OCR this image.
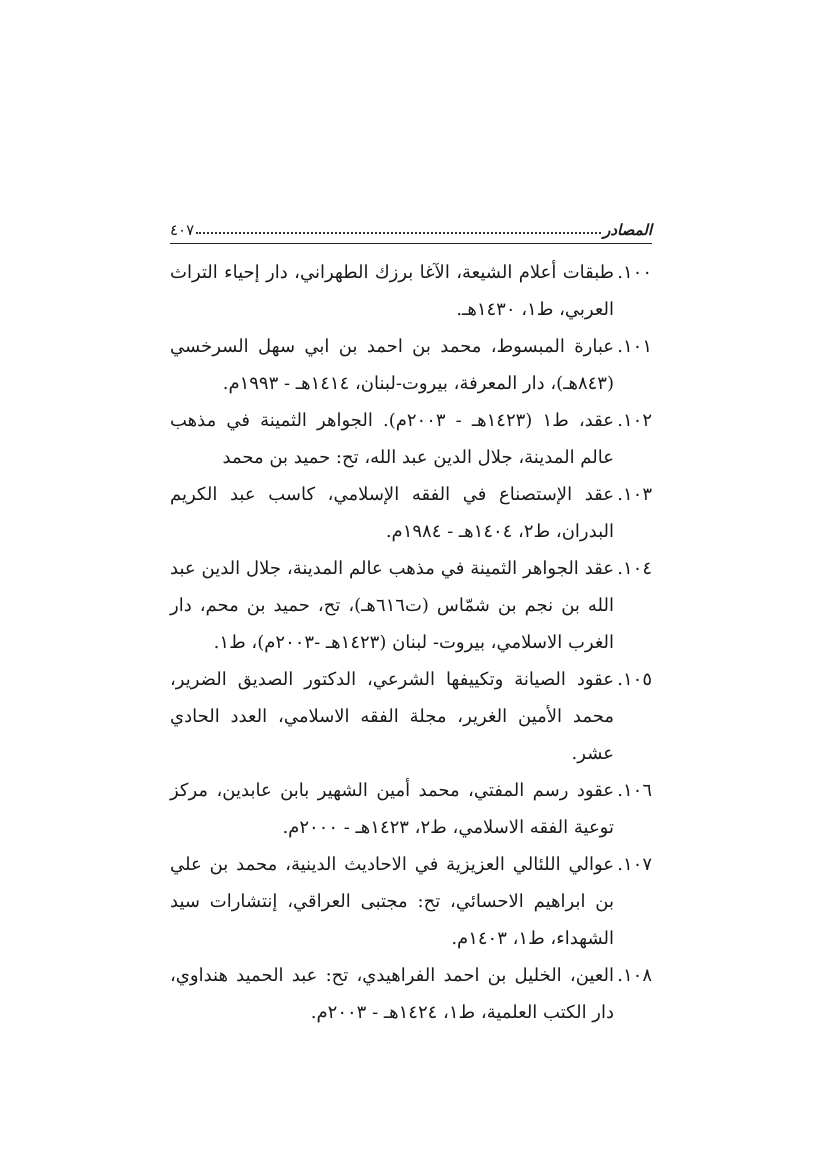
المصادر
٤٠٧
١٠٠.
طبقات أعلام الشيعة، الآغا برزك الطهراني، دار إحياء التراث العربي، ط١، ١٤٣٠هـ.
١٠١.
عبارة المبسوط، محمد بن احمد بن ابي سهل السرخسي (٨٤٣هـ)، دار المعرفة، بيروت-لبنان، ١٤١٤هـ - ١٩٩٣م.
١٠٢.
عقد، ط١ (١٤٢٣هـ - ٢٠٠٣م). الجواهر الثمينة في مذهب عالم المدينة، جلال الدين عبد الله، تح: حميد بن محمد
١٠٣.
عقد الإستصناع في الفقه الإسلامي، كاسب عبد الكريم البدران، ط٢، ١٤٠٤هـ - ١٩٨٤م.
١٠٤.
عقد الجواهر الثمينة في مذهب عالم المدينة، جلال الدين عبد الله بن نجم بن شمّاس (ت٦١٦هـ)، تح، حميد بن محم، دار الغرب الاسلامي، بيروت- لبنان (١٤٢٣هـ -٢٠٠٣م)، ط١.
١٠٥.
عقود الصيانة وتكييفها الشرعي، الدكتور الصديق الضرير، محمد الأمين الغرير، مجلة الفقه الاسلامي، العدد الحادي عشر.
١٠٦.
عقود رسم المفتي، محمد أمين الشهير بابن عابدين، مركز توعية الفقه الاسلامي، ط٢، ١٤٢٣هـ - ٢٠٠٠م.
١٠٧.
عوالي اللئالي العزيزية في الاحاديث الدينية، محمد بن علي بن ابراهيم الاحسائي، تح: مجتبى العراقي، إنتشارات سيد الشهداء، ط١، ١٤٠٣م.
١٠٨.
العين، الخليل بن احمد الفراهيدي، تح: عبد الحميد هنداوي، دار الكتب العلمية، ط١، ١٤٢٤هـ - ٢٠٠٣م.
